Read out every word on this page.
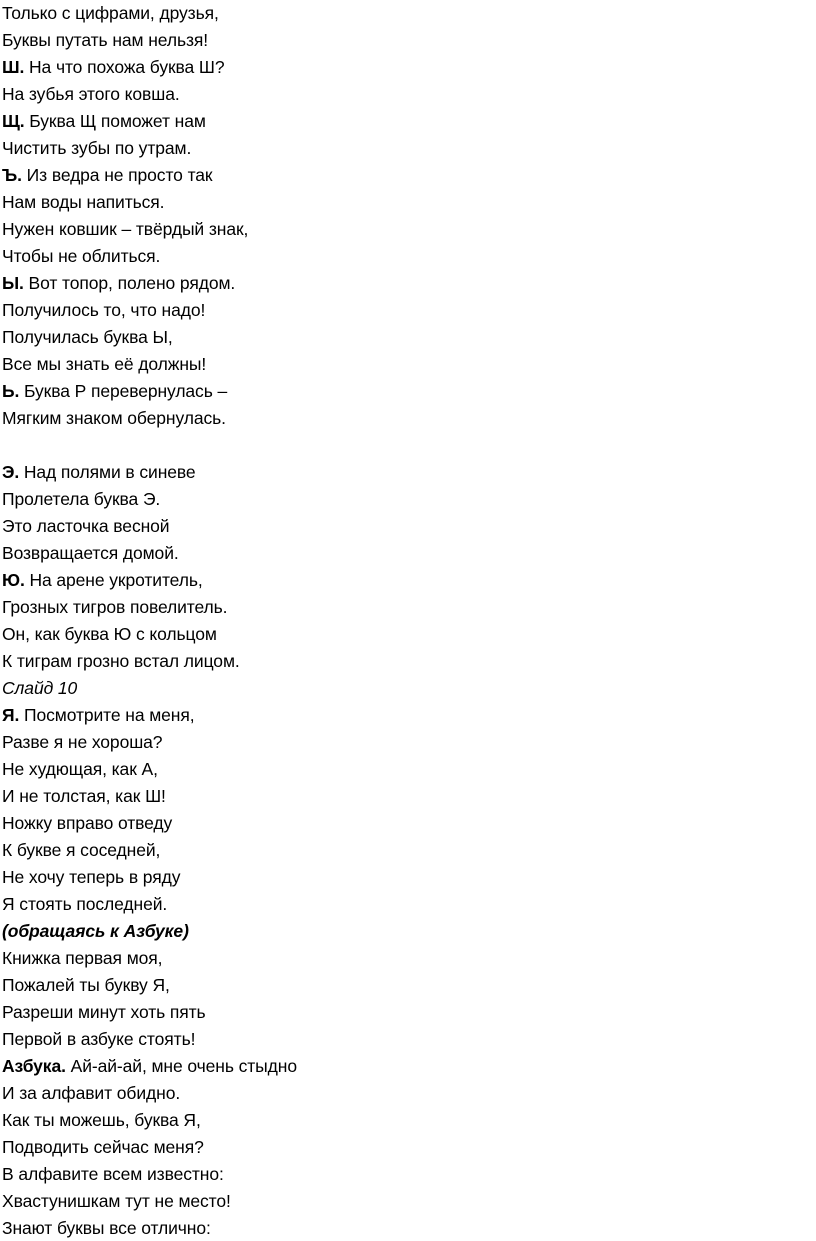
Только с цифрами, друзья,
Буквы путать нам нельзя!
Ш. На что похожа буква Ш?
На зубья этого ковша.
Щ. Буква Щ поможет нам
Чистить зубы по утрам.
Ъ. Из ведра не просто так
Нам воды напиться.
Нужен ковшик – твёрдый знак,
Чтобы не облиться.
Ы. Вот топор, полено рядом.
Получилось то, что надо!
Получилась буква Ы,
Все мы знать её должны!
Ь. Буква Р перевернулась –
Мягким знаком обернулась.
Э. Над полями в синеве
Пролетела буква Э.
Это ласточка весной
Возвращается домой.
Ю. На арене укротитель,
Грозных тигров повелитель.
Он, как буква Ю с кольцом
К тиграм грозно встал лицом.
Слайд 10
Я. Посмотрите на меня,
Разве я не хороша?
Не худющая, как А,
И не толстая, как Ш!
Ножку вправо отведу
К букве я соседней,
Не хочу теперь в ряду
Я стоять последней.
(обращаясь к Азбуке)
Книжка первая моя,
Пожалей ты букву Я,
Разреши минут хоть пять
Первой в азбуке стоять!
Азбука. Ай-ай-ай, мне очень стыдно
И за алфавит обидно.
Как ты можешь, буква Я,
Подводить сейчас меня?
В алфавите всем известно:
Хвастунишкам тут не место!
Знают буквы все отлично:
